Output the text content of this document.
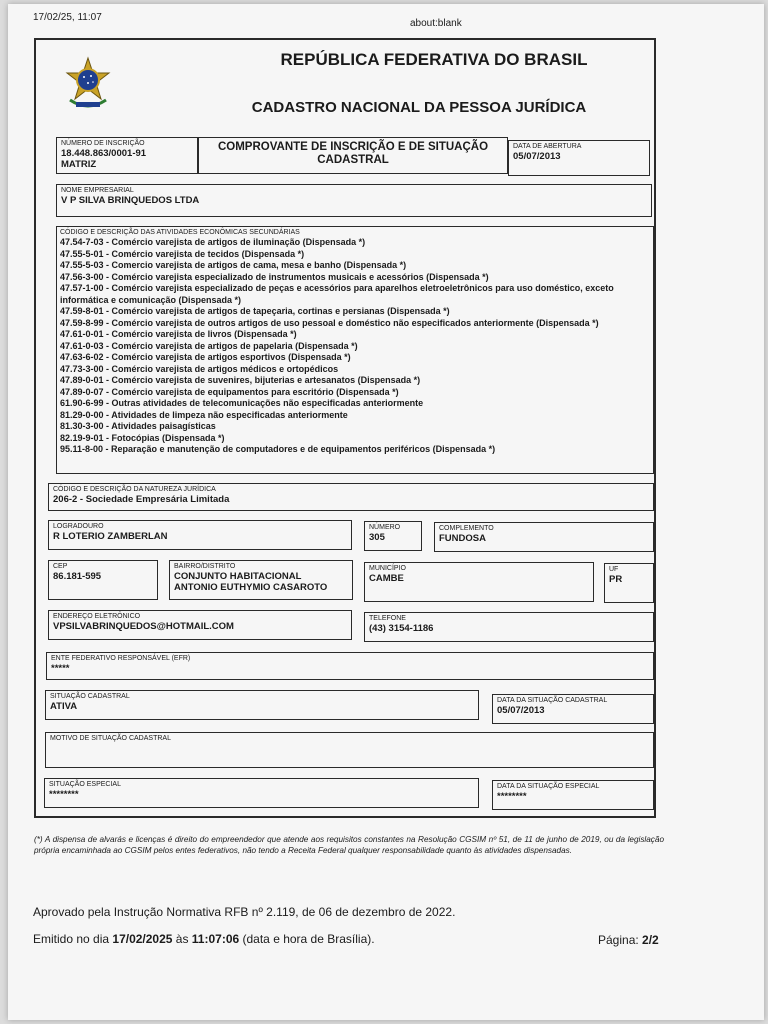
17/02/25, 11:07
about:blank
REPÚBLICA FEDERATIVA DO BRASIL
CADASTRO NACIONAL DA PESSOA JURÍDICA
NÚMERO DE INSCRIÇÃO
18.448.863/0001-91
MATRIZ
COMPROVANTE DE INSCRIÇÃO E DE SITUAÇÃO CADASTRAL
DATA DE ABERTURA
05/07/2013
NOME EMPRESARIAL
V P SILVA BRINQUEDOS LTDA
CÓDIGO E DESCRIÇÃO DAS ATIVIDADES ECONÔMICAS SECUNDÁRIAS
47.54-7-03 - Comércio varejista de artigos de iluminação (Dispensada *)
47.55-5-01 - Comércio varejista de tecidos (Dispensada *)
47.55-5-03 - Comercio varejista de artigos de cama, mesa e banho (Dispensada *)
47.56-3-00 - Comércio varejista especializado de instrumentos musicais e acessórios (Dispensada *)
47.57-1-00 - Comércio varejista especializado de peças e acessórios para aparelhos eletroeletrônicos para uso doméstico, exceto informática e comunicação (Dispensada *)
47.59-8-01 - Comércio varejista de artigos de tapeçaria, cortinas e persianas (Dispensada *)
47.59-8-99 - Comércio varejista de outros artigos de uso pessoal e doméstico não especificados anteriormente (Dispensada *)
47.61-0-01 - Comércio varejista de livros (Dispensada *)
47.61-0-03 - Comércio varejista de artigos de papelaria (Dispensada *)
47.63-6-02 - Comércio varejista de artigos esportivos (Dispensada *)
47.73-3-00 - Comércio varejista de artigos médicos e ortopédicos
47.89-0-01 - Comércio varejista de suvenires, bijuterias e artesanatos (Dispensada *)
47.89-0-07 - Comércio varejista de equipamentos para escritório (Dispensada *)
61.90-6-99 - Outras atividades de telecomunicações não especificadas anteriormente
81.29-0-00 - Atividades de limpeza não especificadas anteriormente
81.30-3-00 - Atividades paisagísticas
82.19-9-01 - Fotocópias (Dispensada *)
95.11-8-00 - Reparação e manutenção de computadores e de equipamentos periféricos (Dispensada *)
CÓDIGO E DESCRIÇÃO DA NATUREZA JURÍDICA
206-2 - Sociedade Empresária Limitada
LOGRADOURO
R LOTERIO ZAMBERLAN
NÚMERO
305
COMPLEMENTO
FUNDOSA
CEP
86.181-595
BAIRRO/DISTRITO
CONJUNTO HABITACIONAL
ANTONIO EUTHYMIO CASAROTO
MUNICÍPIO
CAMBE
UF
PR
ENDEREÇO ELETRÔNICO
VPSILVABRINQUEDOS@HOTMAIL.COM
TELEFONE
(43) 3154-1186
ENTE FEDERATIVO RESPONSÁVEL (EFR)
*****
SITUAÇÃO CADASTRAL
ATIVA
DATA DA SITUAÇÃO CADASTRAL
05/07/2013
MOTIVO DE SITUAÇÃO CADASTRAL
SITUAÇÃO ESPECIAL
********
DATA DA SITUAÇÃO ESPECIAL
********
(*) A dispensa de alvarás e licenças é direito do empreendedor que atende aos requisitos constantes na Resolução CGSIM nº 51, de 11 de junho de 2019, ou da legislação própria encaminhada ao CGSIM pelos entes federativos, não tendo a Receita Federal qualquer responsabilidade quanto às atividades dispensadas.
Aprovado pela Instrução Normativa RFB nº 2.119, de 06 de dezembro de 2022.
Emitido no dia 17/02/2025 às 11:07:06 (data e hora de Brasília).	Página: 2/2
